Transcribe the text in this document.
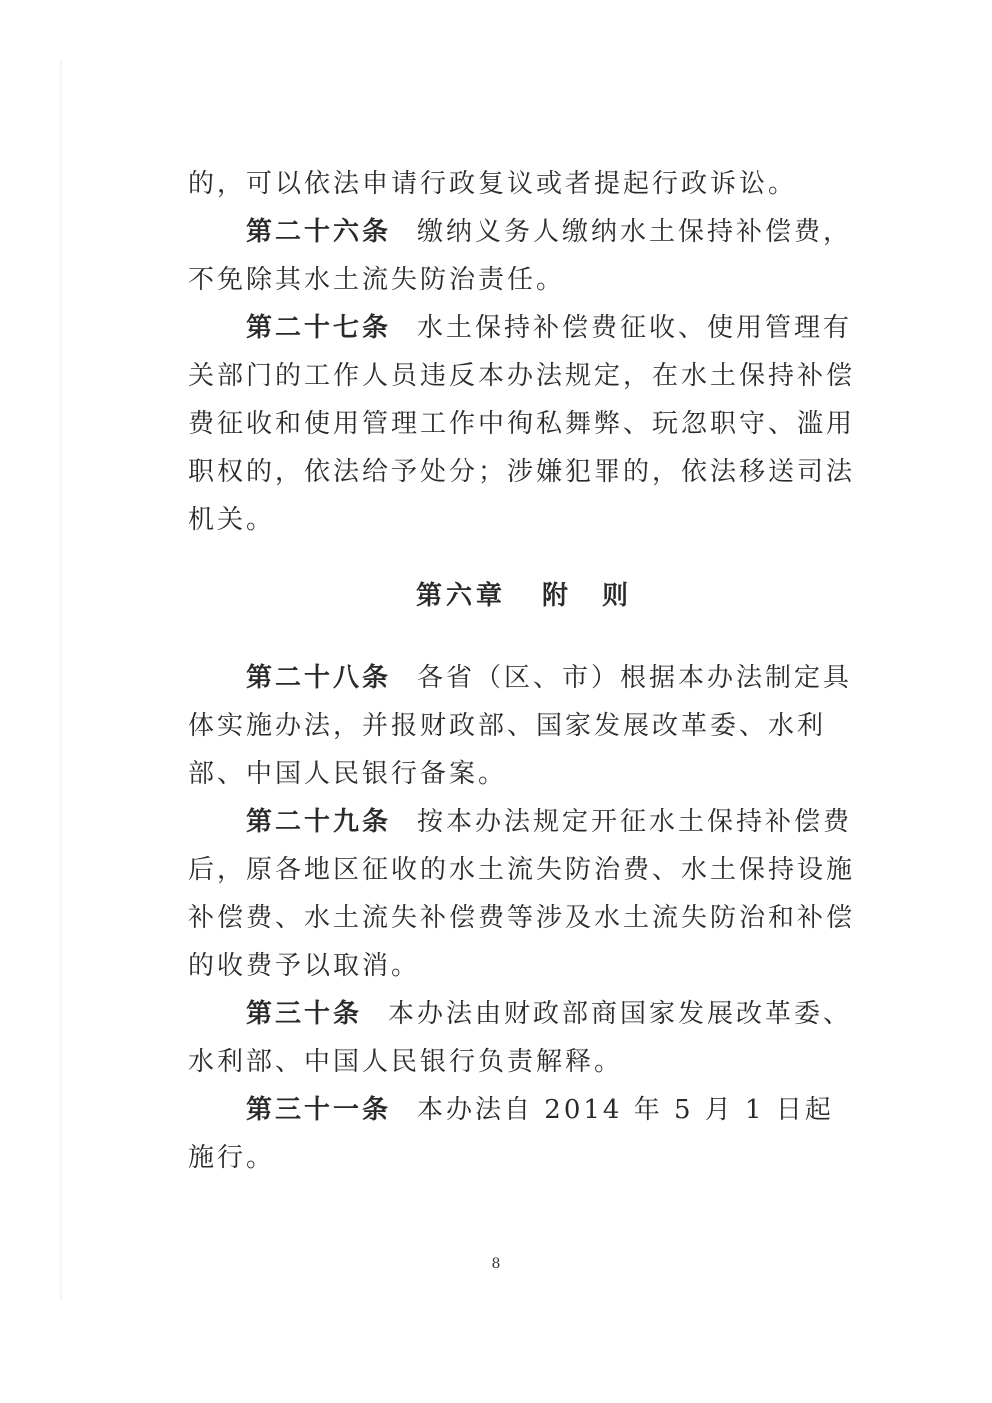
的，可以依法申请行政复议或者提起行政诉讼。

第二十六条 缴纳义务人缴纳水土保持补偿费，不免除其水土流失防治责任。

第二十七条 水土保持补偿费征收、使用管理有关部门的工作人员违反本办法规定，在水土保持补偿费征收和使用管理工作中徇私舞弊、玩忽职守、滥用职权的，依法给予处分；涉嫌犯罪的，依法移送司法机关。

第六章 附　则

第二十八条 各省（区、市）根据本办法制定具体实施办法，并报财政部、国家发展改革委、水利部、中国人民银行备案。

第二十九条 按本办法规定开征水土保持补偿费后，原各地区征收的水土流失防治费、水土保持设施补偿费、水土流失补偿费等涉及水土流失防治和补偿的收费予以取消。

第三十条 本办法由财政部商国家发展改革委、水利部、中国人民银行负责解释。

第三十一条 本办法自 2014 年 5 月 1 日起施行。

8
